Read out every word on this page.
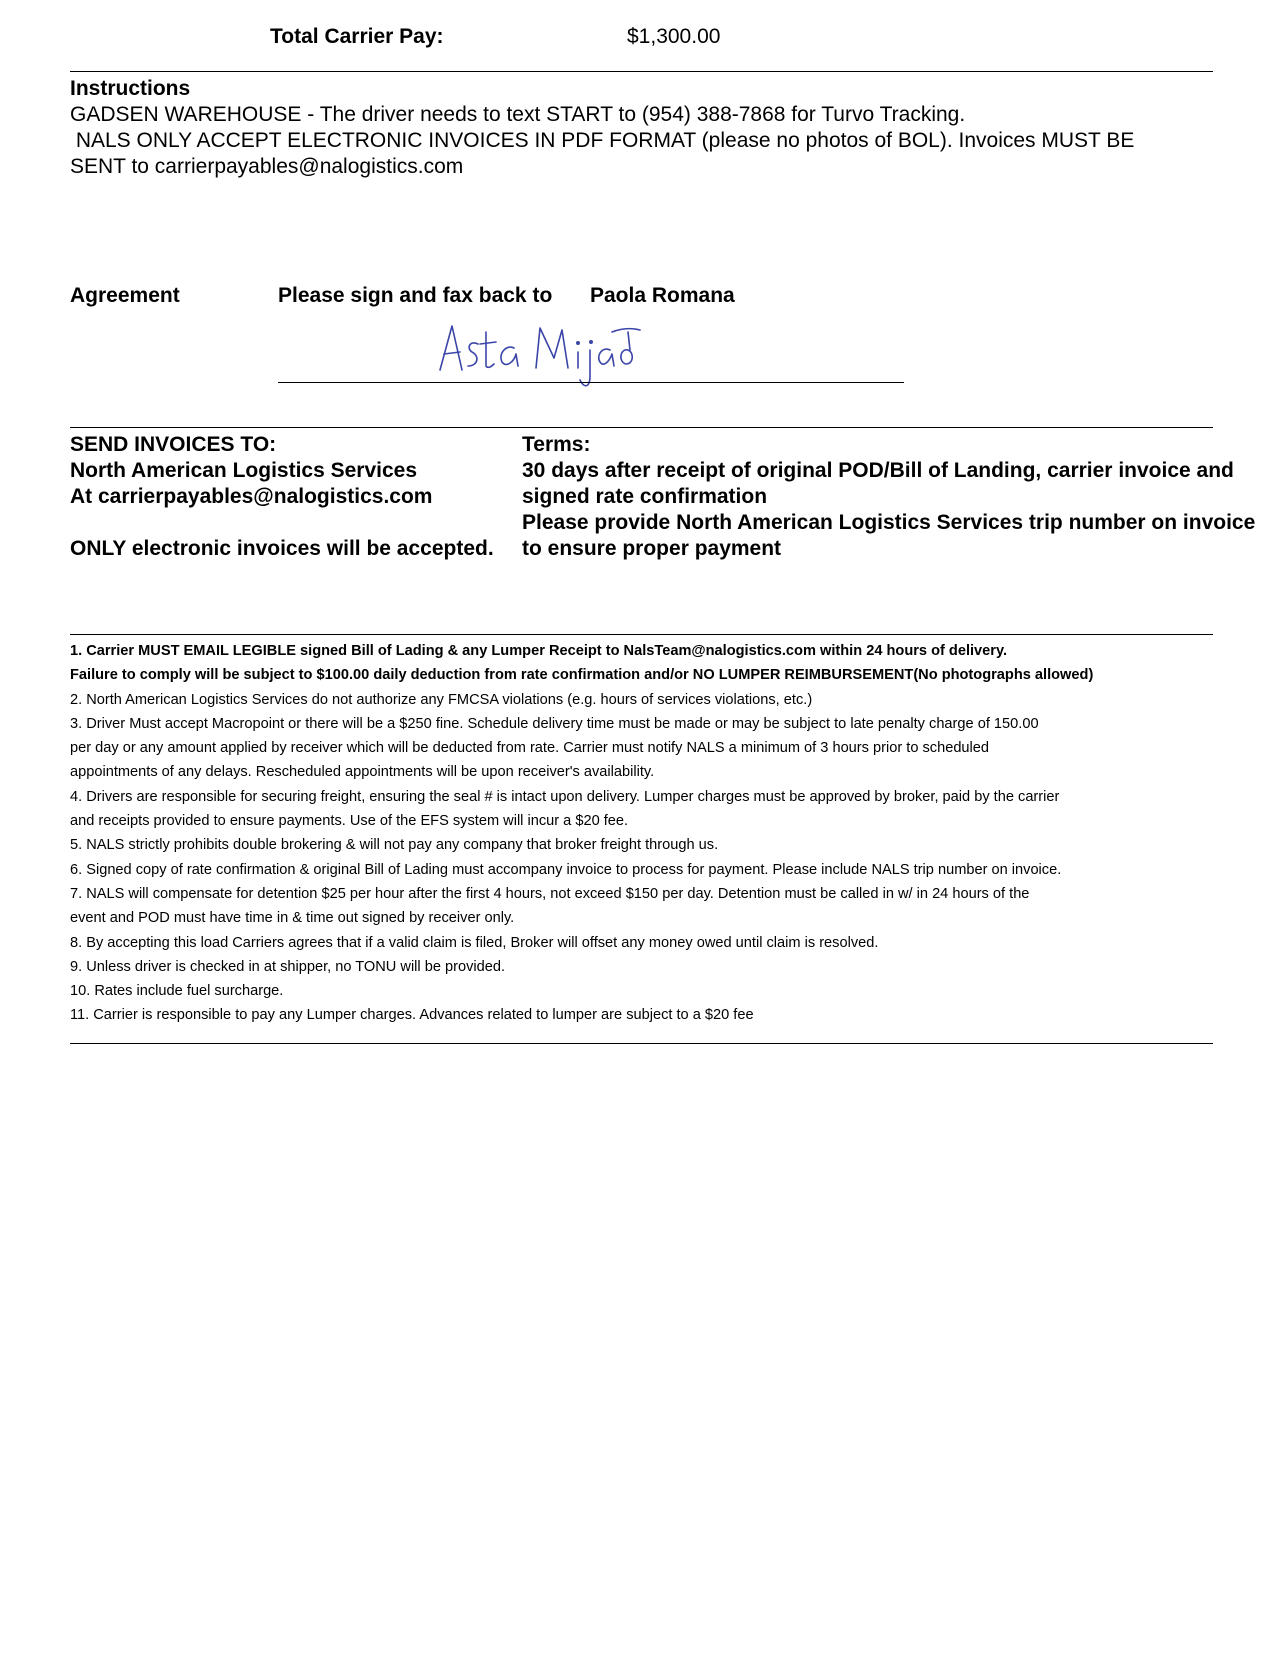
Total Carrier Pay:	$1,300.00
Instructions
GADSEN WAREHOUSE - The driver needs to text START to (954) 388-7868 for Turvo Tracking.
NALS ONLY ACCEPT ELECTRONIC INVOICES IN PDF FORMAT (please no photos of BOL). Invoices MUST BE
SENT to carrierpayables@nalogistics.com
Agreement	Please sign and fax back to Paola Romana
SEND INVOICES TO:
North American Logistics Services
At carrierpayables@nalogistics.com
ONLY electronic invoices will be accepted.
Terms:
30 days after receipt of original POD/Bill of Landing, carrier invoice and
signed rate confirmation
Please provide North American Logistics Services trip number on invoice
to ensure proper payment
1. Carrier MUST EMAIL LEGIBLE signed Bill of Lading & any Lumper Receipt to NalsTeam@nalogistics.com within 24 hours of delivery.
Failure to comply will be subject to $100.00 daily deduction from rate confirmation and/or NO LUMPER REIMBURSEMENT(No photographs allowed)
2. North American Logistics Services do not authorize any FMCSA violations (e.g. hours of services violations, etc.)
3. Driver Must accept Macropoint or there will be a $250 fine. Schedule delivery time must be made or may be subject to late penalty charge of 150.00
per day or any amount applied by receiver which will be deducted from rate. Carrier must notify NALS a minimum of 3 hours prior to scheduled
appointments of any delays. Rescheduled appointments will be upon receiver's availability.
4. Drivers are responsible for securing freight, ensuring the seal # is intact upon delivery. Lumper charges must be approved by broker, paid by the carrier
and receipts provided to ensure payments. Use of the EFS system will incur a $20 fee.
5. NALS strictly prohibits double brokering & will not pay any company that broker freight through us.
6. Signed copy of rate confirmation & original Bill of Lading must accompany invoice to process for payment. Please include NALS trip number on invoice.
7. NALS will compensate for detention $25 per hour after the first 4 hours, not exceed $150 per day. Detention must be called in w/ in 24 hours of the
event and POD must have time in & time out signed by receiver only.
8. By accepting this load Carriers agrees that if a valid claim is filed, Broker will offset any money owed until claim is resolved.
9. Unless driver is checked in at shipper, no TONU will be provided.
10. Rates include fuel surcharge.
11. Carrier is responsible to pay any Lumper charges. Advances related to lumper are subject to a $20 fee
